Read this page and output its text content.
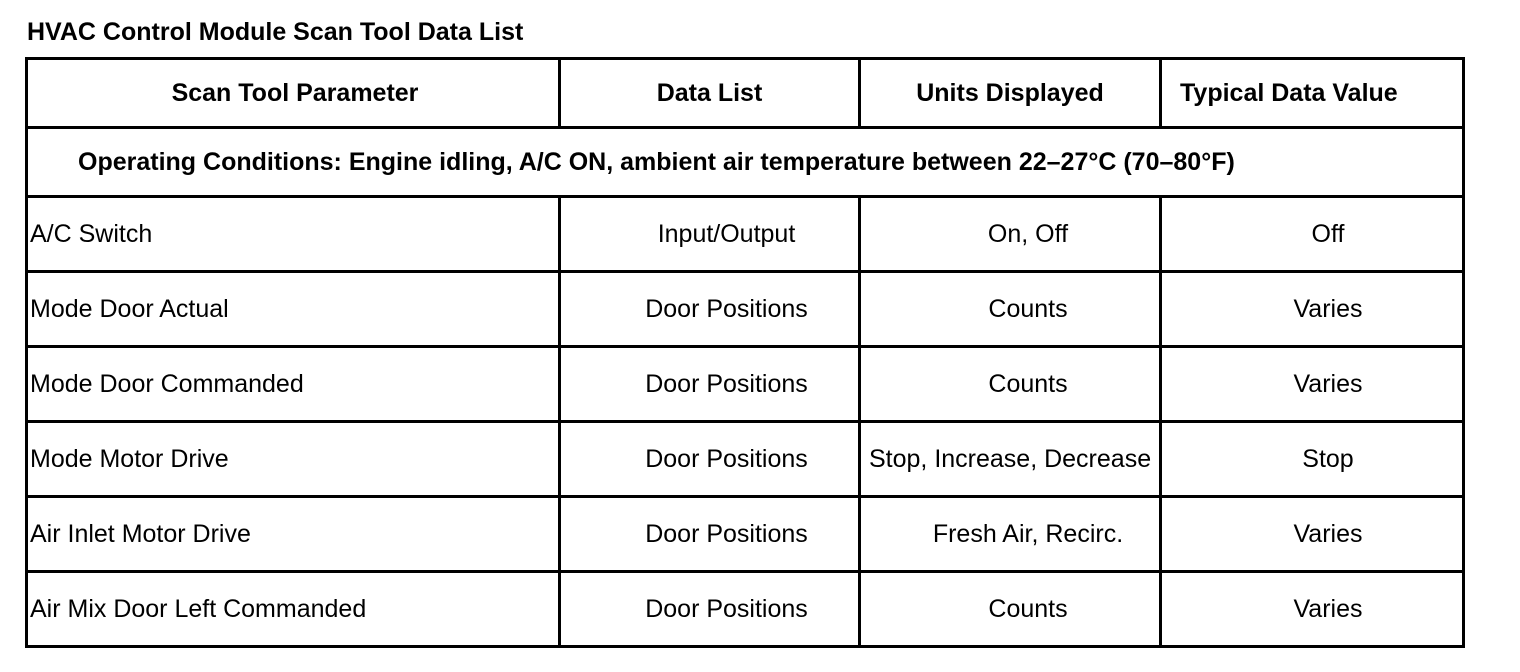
HVAC Control Module Scan Tool Data List
Scan Tool Parameter	Data List	Units Displayed	Typical Data Value
Operating Conditions: Engine idling, A/C ON, ambient air temperature between 22–27°C (70–80°F)			
A/C Switch	Input/Output	On, Off	Off
Mode Door Actual	Door Positions	Counts	Varies
Mode Door Commanded	Door Positions	Counts	Varies
Mode Motor Drive	Door Positions	Stop, Increase, Decrease	Stop
Air Inlet Motor Drive	Door Positions	Fresh Air, Recirc.	Varies
Air Mix Door Left Commanded	Door Positions	Counts	Varies
